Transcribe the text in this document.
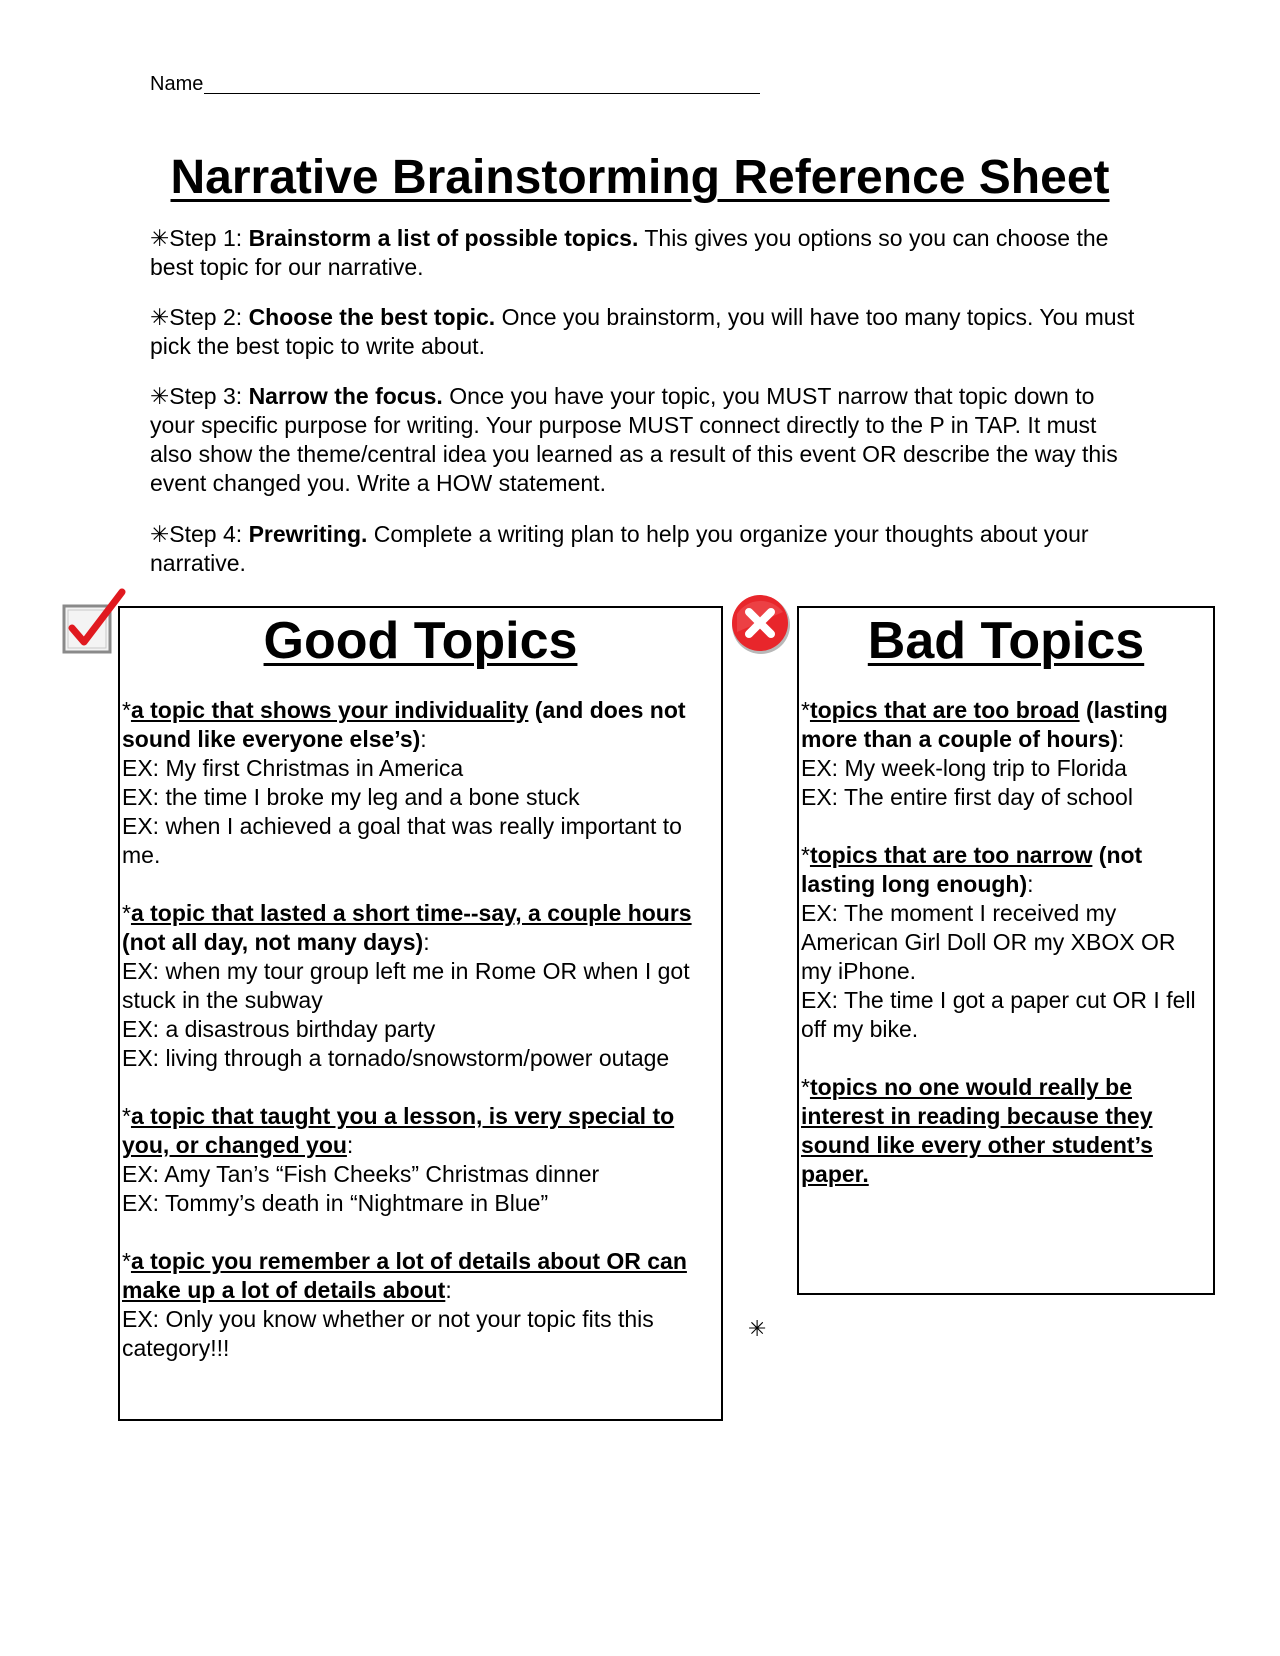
Name
Narrative Brainstorming Reference Sheet

✳Step 1: Brainstorm a list of possible topics. This gives you options so you can choose the best topic for our narrative.

✳Step 2: Choose the best topic. Once you brainstorm, you will have too many topics. You must pick the best topic to write about.

✳Step 3: Narrow the focus. Once you have your topic, you MUST narrow that topic down to your specific purpose for writing. Your purpose MUST connect directly to the P in TAP. It must also show the theme/central idea you learned as a result of this event OR describe the way this event changed you. Write a HOW statement.

✳Step 4: Prewriting. Complete a writing plan to help you organize your thoughts about your narrative.

Good Topics

*a topic that shows your individuality (and does not sound like everyone else’s):
EX: My first Christmas in America
EX: the time I broke my leg and a bone stuck
EX: when I achieved a goal that was really important to me.

*a topic that lasted a short time--say, a couple hours (not all day, not many days):
EX: when my tour group left me in Rome OR when I got stuck in the subway
EX: a disastrous birthday party
EX: living through a tornado/snowstorm/power outage

*a topic that taught you a lesson, is very special to you, or changed you:
EX: Amy Tan’s “Fish Cheeks” Christmas dinner
EX: Tommy’s death in “Nightmare in Blue”

*a topic you remember a lot of details about OR can make up a lot of details about:
EX: Only you know whether or not your topic fits this category!!!

Bad Topics

*topics that are too broad (lasting more than a couple of hours):
EX: My week-long trip to Florida
EX: The entire first day of school

*topics that are too narrow (not lasting long enough):
EX: The moment I received my American Girl Doll OR my XBOX OR my iPhone.
EX: The time I got a paper cut OR I fell off my bike.

*topics no one would really be interest in reading because they sound like every other student’s paper.

✳
